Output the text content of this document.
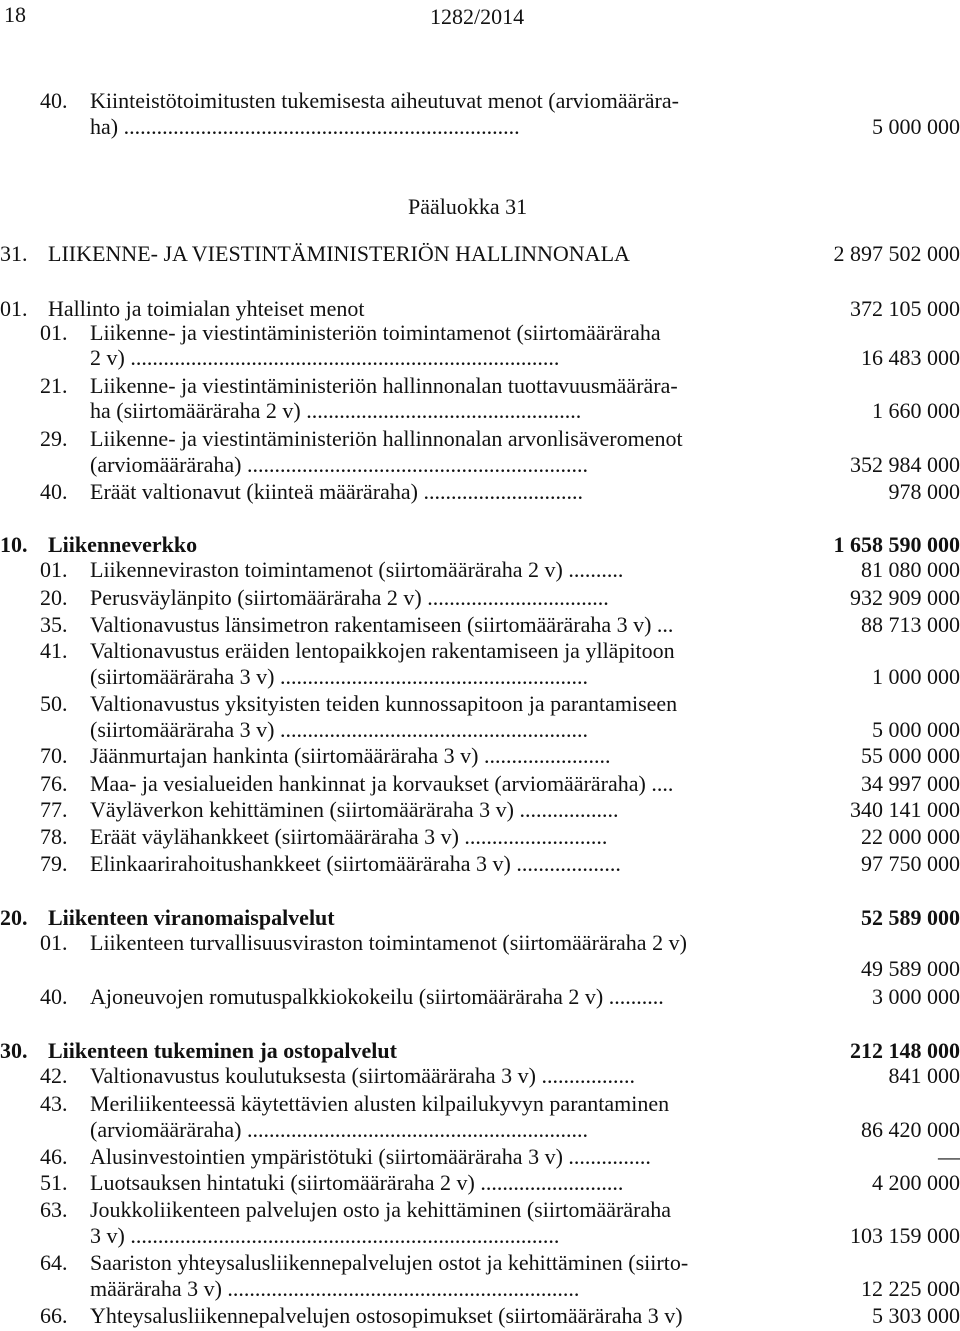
18	1282/2014
40.	Kiinteistötoimitusten tukemisesta aiheutuvat menot (arviomäärära-
ha) ........................................................................	5 000 000
Pääluokka 31
31. LIIKENNE- JA VIESTINTÄMINISTERIÖN HALLINNONALA	2 897 502 000
01. Hallinto ja toimialan yhteiset menot	372 105 000
01.	Liikenne- ja viestintäministeriön toimintamenot (siirtomääräraha
2 v) ..............................................................................	16 483 000
21.	Liikenne- ja viestintäministeriön hallinnonalan tuottavuusmäärära-
ha (siirtomääräraha 2 v) ..................................................	1 660 000
29.	Liikenne- ja viestintäministeriön hallinnonalan arvonlisäveromenot
(arviomääräraha) ..............................................................	352 984 000
40.	Eräät valtionavut (kiinteä määräraha) .............................	978 000
10. Liikenneverkko	1 658 590 000
01.	Liikenneviraston toimintamenot (siirtomääräraha 2 v) ..........	81 080 000
20.	Perusväylänpito (siirtomääräraha 2 v) .................................	932 909 000
35.	Valtionavustus länsimetron rakentamiseen (siirtomääräraha 3 v) ...	88 713 000
41.	Valtionavustus eräiden lentopaikkojen rakentamiseen ja ylläpitoon
(siirtomääräraha 3 v) ........................................................	1 000 000
50.	Valtionavustus yksityisten teiden kunnossapitoon ja parantamiseen
(siirtomääräraha 3 v) ........................................................	5 000 000
70.	Jäänmurtajan hankinta (siirtomääräraha 3 v) .......................	55 000 000
76.	Maa- ja vesialueiden hankinnat ja korvaukset (arviomääräraha) ....	34 997 000
77.	Väyläverkon kehittäminen (siirtomääräraha 3 v) ..................	340 141 000
78.	Eräät väylähankkeet (siirtomääräraha 3 v) ..........................	22 000 000
79.	Elinkaarirahoitushankkeet (siirtomääräraha 3 v) ...................	97 750 000
20. Liikenteen viranomaispalvelut	52 589 000
01.	Liikenteen turvallisuusviraston toimintamenot (siirtomääräraha 2 v)
49 589 000
40.	Ajoneuvojen romutuspalkkiokokeilu (siirtomääräraha 2 v) ..........	3 000 000
30. Liikenteen tukeminen ja ostopalvelut	212 148 000
42.	Valtionavustus koulutuksesta (siirtomääräraha 3 v) .................	841 000
43.	Meriliikenteessä käytettävien alusten kilpailukyvyn parantaminen
(arviomääräraha) ..............................................................	86 420 000
46.	Alusinvestointien ympäristötuki (siirtomääräraha 3 v) ...............	—
51.	Luotsauksen hintatuki (siirtomääräraha 2 v) ..........................	4 200 000
63.	Joukkoliikenteen palvelujen osto ja kehittäminen (siirtomääräraha
3 v) ..............................................................................	103 159 000
64.	Saariston yhteysalusliikennepalvelujen ostot ja kehittäminen (siirto-
määräraha 3 v) ................................................................	12 225 000
66.	Yhteysalusliikennepalvelujen ostosopimukset (siirtomääräraha 3 v)	5 303 000
